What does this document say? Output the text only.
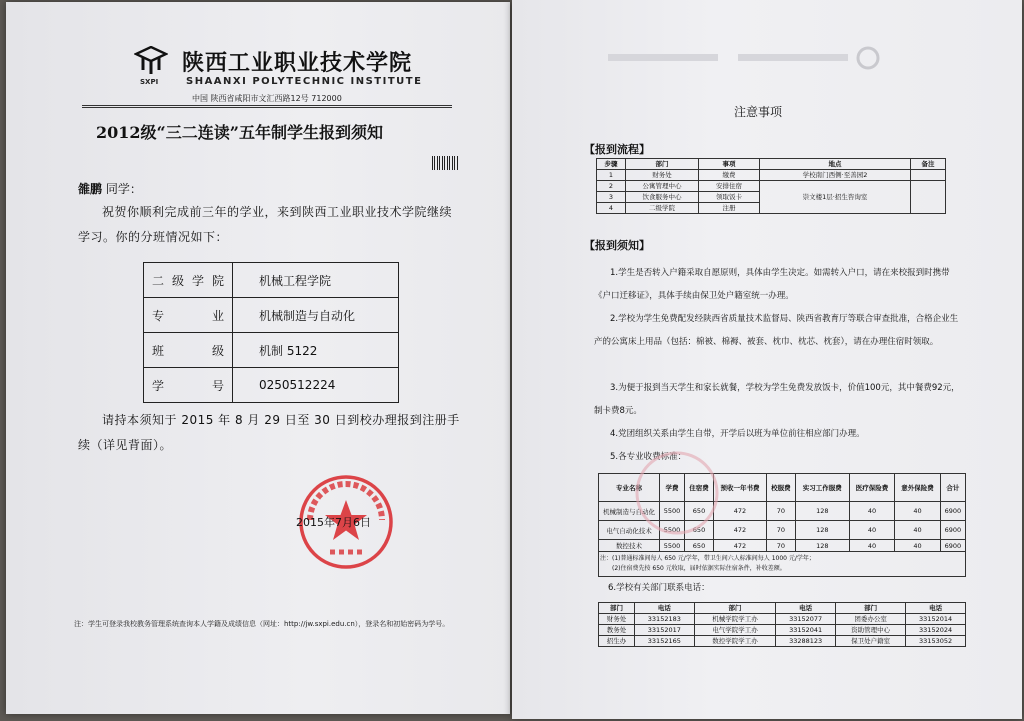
SXPI
陕西工业职业技术学院
SHAANXI POLYTECHNIC INSTITUTE
中国 陕西省咸阳市文汇西路12号 712000
2012级“三二连读”五年制学生报到须知
雒鹏 同学：
祝贺你顺利完成前三年的学业，来到陕西工业职业技术学院继续学习。你的分班情况如下：
二级学院	机械工程学院
专业	机械制造与自动化
班级	机制 5122
学号	0250512224
请持本须知于 2015 年 8 月 29 日至 30 日到校办理报到注册手续（详见背面）。
2015年7月6日
注：学生可登录我校教务管理系统查询本人学籍及成绩信息（网址：http://jw.sxpi.edu.cn），登录名和初始密码为学号。
注意事项
【报到流程】
步骤	部门	事项	地点	备注
1	财务处	缴费	学校南门西侧·至善园2	
2	公寓管理中心	安排住宿	崇文楼1层·招生咨询室	
3	饮食服务中心	领取饭卡		
4	二级学院	注册		
【报到须知】
1.学生是否转入户籍采取自愿原则，具体由学生决定。如需转入户口，请在来校报到时携带《户口迁移证》，具体手续由保卫处户籍室统一办理。
2.学校为学生免费配发经陕西省质量技术监督局、陕西省教育厅等联合审查批准，合格企业生产的公寓床上用品（包括：棉被、棉褥、被套、枕巾、枕芯、枕套），请在办理住宿时领取。
3.为便于报到当天学生和家长就餐，学校为学生免费发放饭卡，价值100元，其中餐费92元，制卡费8元。
4.党团组织关系由学生自带，开学后以班为单位前往相应部门办理。
5.各专业收费标准：
专业名称	学费	住宿费	预收一年书费	校服费	实习工作服费	医疗保险费	意外保险费	合计
机械制造与自动化	5500	650	472	70	128	40	40	6900
电气自动化技术	5500	650	472	70	128	40	40	6900
数控技术	5500	650	472	70	128	40	40	6900

注：(1)普通标准间每人 650 元/学年，带卫生间六人标准间每人 1000 元/学年；
(2)住宿费先按 650 元收取，届时依据实际住宿条件，补收差额。								
6.学校有关部门联系电话：
部门	电话	部门	电话	部门	电话
财务处	33152183	机械学院学工办	33152077	团委办公室	33152014
教务处	33152017	电气学院学工办	33152041	资助管理中心	33152024
招生办	33152165	数控学院学工办	33288123	保卫处户籍室	33153052
